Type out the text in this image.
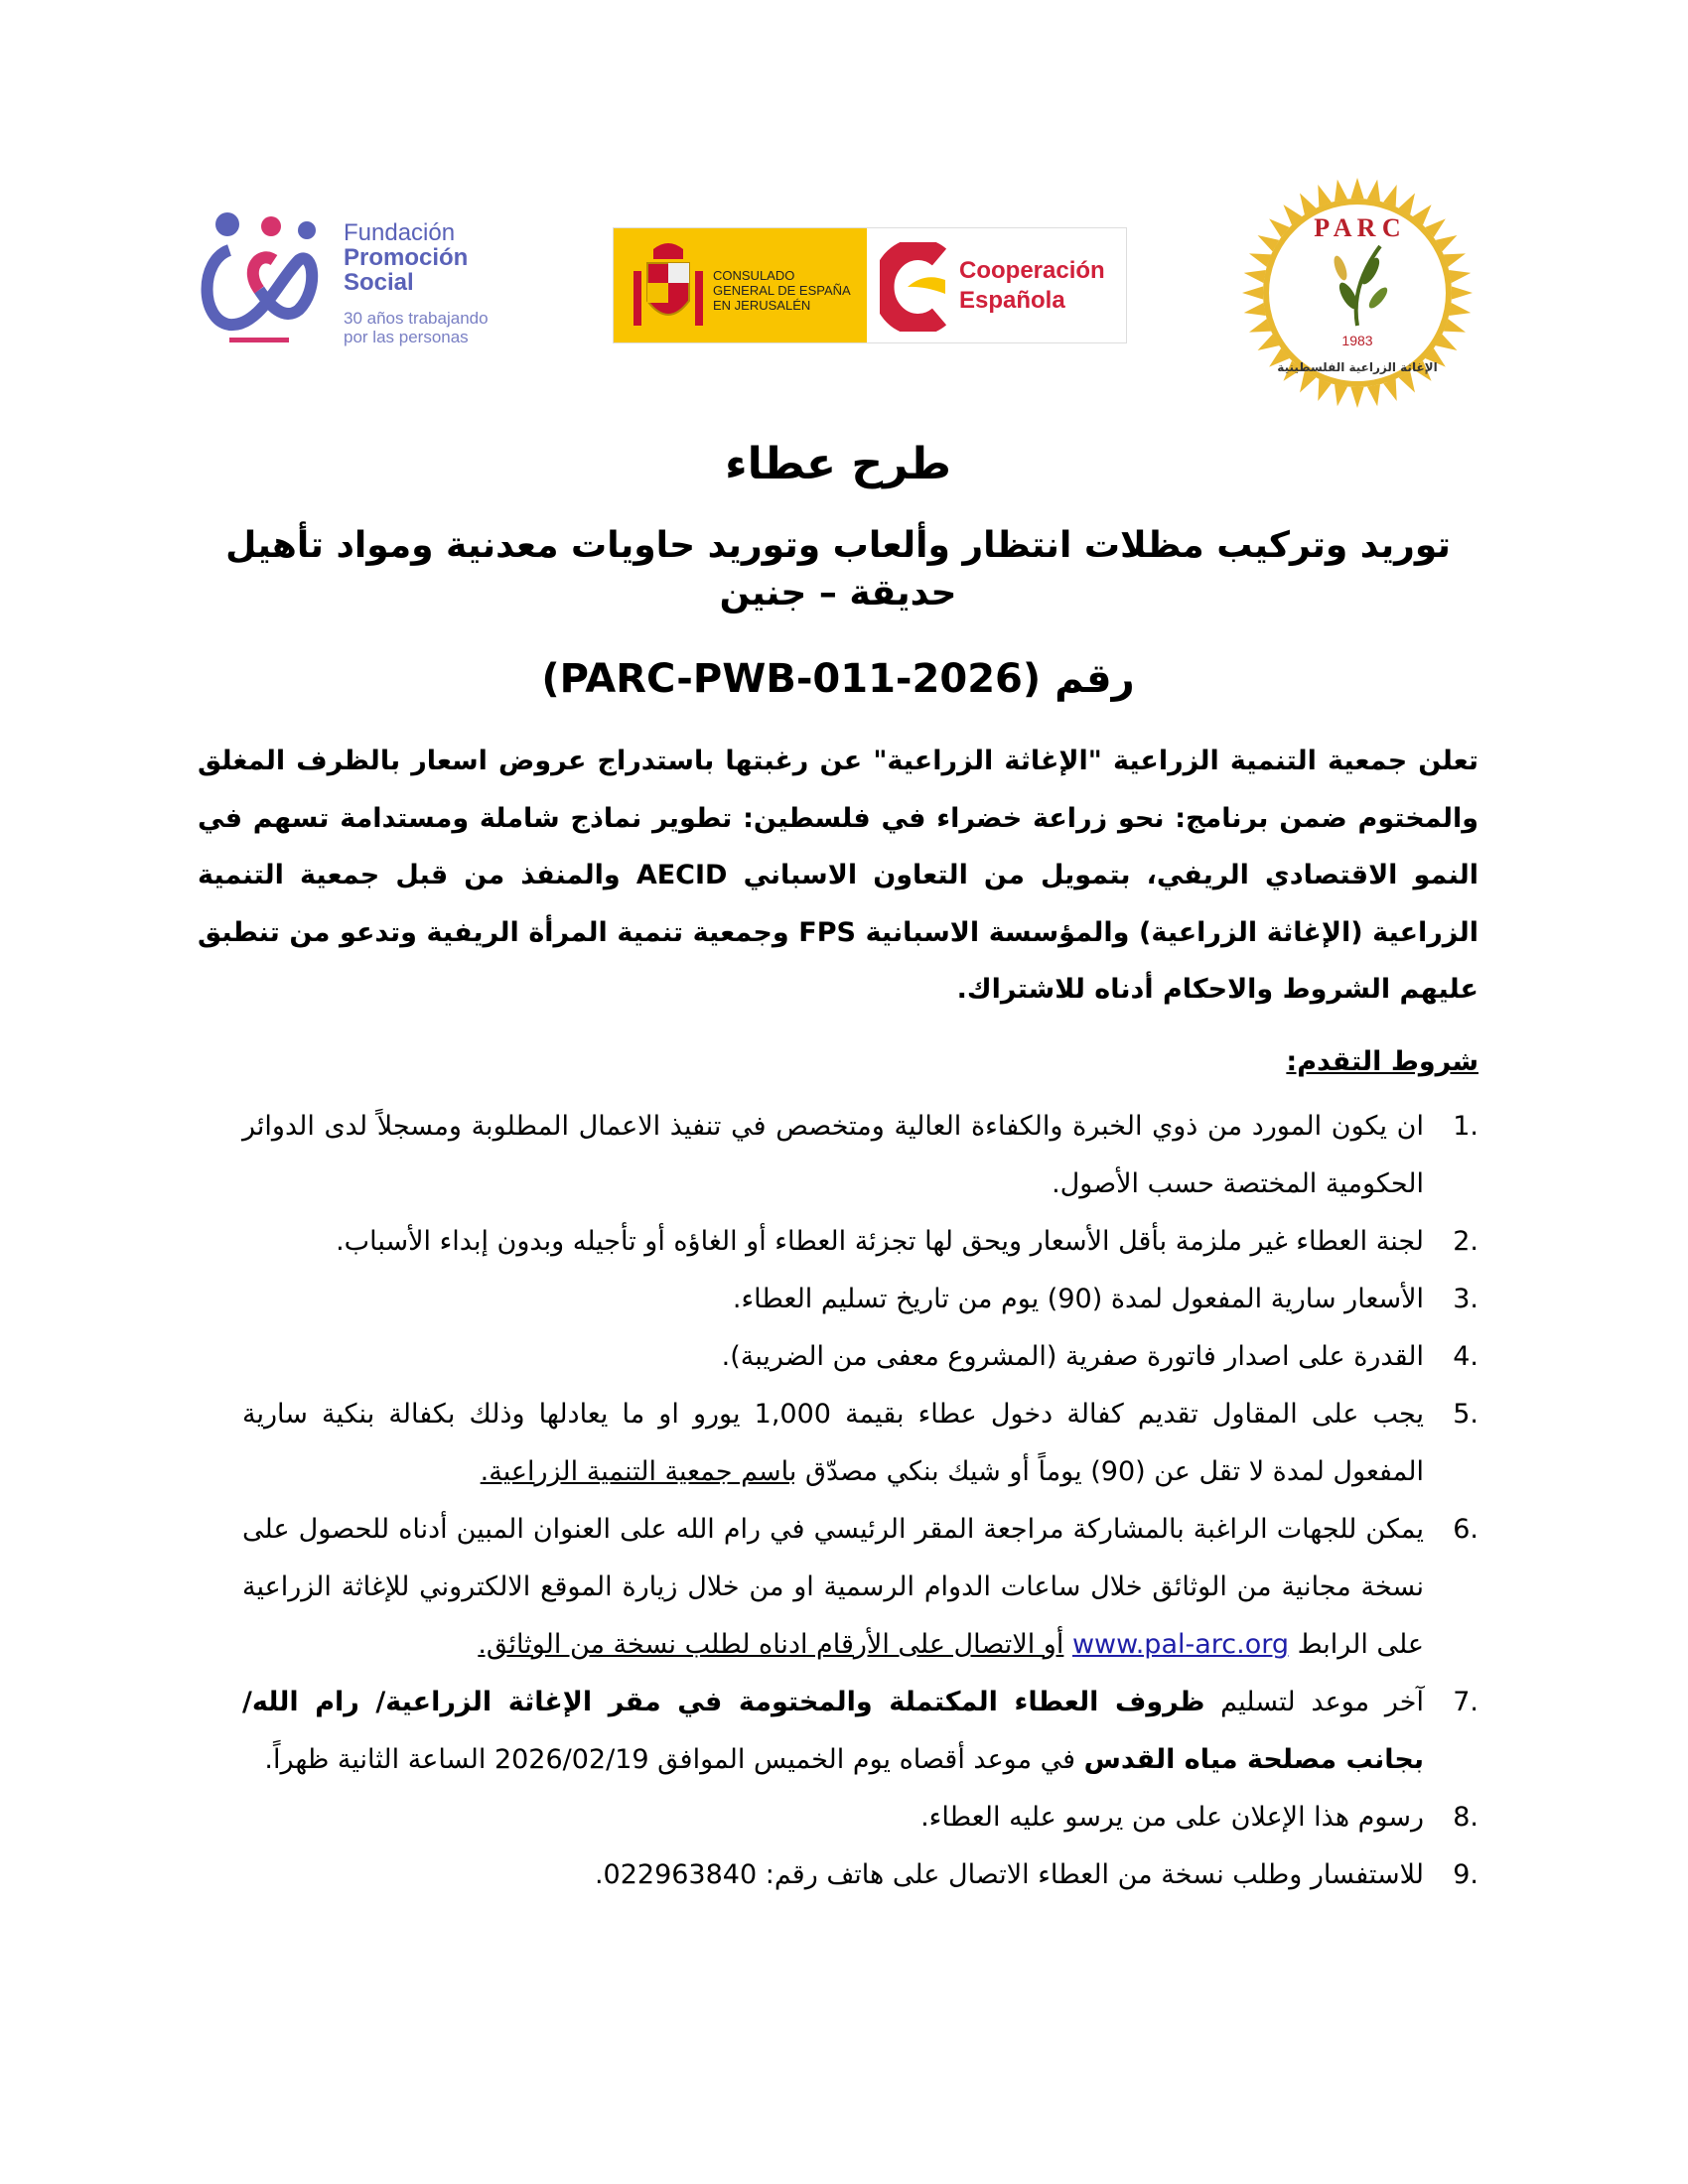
Fundación
Promoción
Social
30 años trabajando
por las personas
CONSULADO
GENERAL DE ESPAÑA
EN JERUSALÉN
Cooperación
Española
P A R C
1983
الإغاثة الزراعية الفلسطينية
طرح عطاء
توريد وتركيب مظلات انتظار وألعاب وتوريد حاويات معدنية ومواد تأهيل حديقة – جنين
رقم (PARC-PWB-011-2026)
تعلن جمعية التنمية الزراعية "الإغاثة الزراعية" عن رغبتها باستدراج عروض اسعار بالظرف المغلق والمختوم ضمن برنامج: نحو زراعة خضراء في فلسطين: تطوير نماذج شاملة ومستدامة تسهم في النمو الاقتصادي الريفي، بتمويل من التعاون الاسباني AECID والمنفذ من قبل جمعية التنمية الزراعية (الإغاثة الزراعية) والمؤسسة الاسبانية FPS وجمعية تنمية المرأة الريفية وتدعو من تنطبق عليهم الشروط والاحكام أدناه للاشتراك.
شروط التقدم:
1.
ان يكون المورد من ذوي الخبرة والكفاءة العالية ومتخصص في تنفيذ الاعمال المطلوبة ومسجلاً لدى الدوائر الحكومية المختصة حسب الأصول.
2.
لجنة العطاء غير ملزمة بأقل الأسعار ويحق لها تجزئة العطاء أو الغاؤه أو تأجيله وبدون إبداء الأسباب.
3.
الأسعار سارية المفعول لمدة (90) يوم من تاريخ تسليم العطاء.
4.
القدرة على اصدار فاتورة صفرية (المشروع معفى من الضريبة).
5.
يجب على المقاول تقديم كفالة دخول عطاء بقيمة 1,000 يورو او ما يعادلها وذلك بكفالة بنكية سارية المفعول لمدة لا تقل عن (90) يوماً أو شيك بنكي مصدّق باسم جمعية التنمية الزراعية.
6.
يمكن للجهات الراغبة بالمشاركة مراجعة المقر الرئيسي في رام الله على العنوان المبين أدناه للحصول على نسخة مجانية من الوثائق خلال ساعات الدوام الرسمية او من خلال زيارة الموقع الالكتروني للإغاثة الزراعية على الرابط www.pal-arc.org أو الاتصال على الأرقام ادناه لطلب نسخة من الوثائق.
7.
آخر موعد لتسليم ظروف العطاء المكتملة والمختومة في مقر الإغاثة الزراعية/ رام الله/ بجانب مصلحة مياه القدس في موعد أقصاه يوم الخميس الموافق 2026/02/19 الساعة الثانية ظهراً.
8.
رسوم هذا الإعلان على من يرسو عليه العطاء.
9.
للاستفسار وطلب نسخة من العطاء الاتصال على هاتف رقم: 022963840.
